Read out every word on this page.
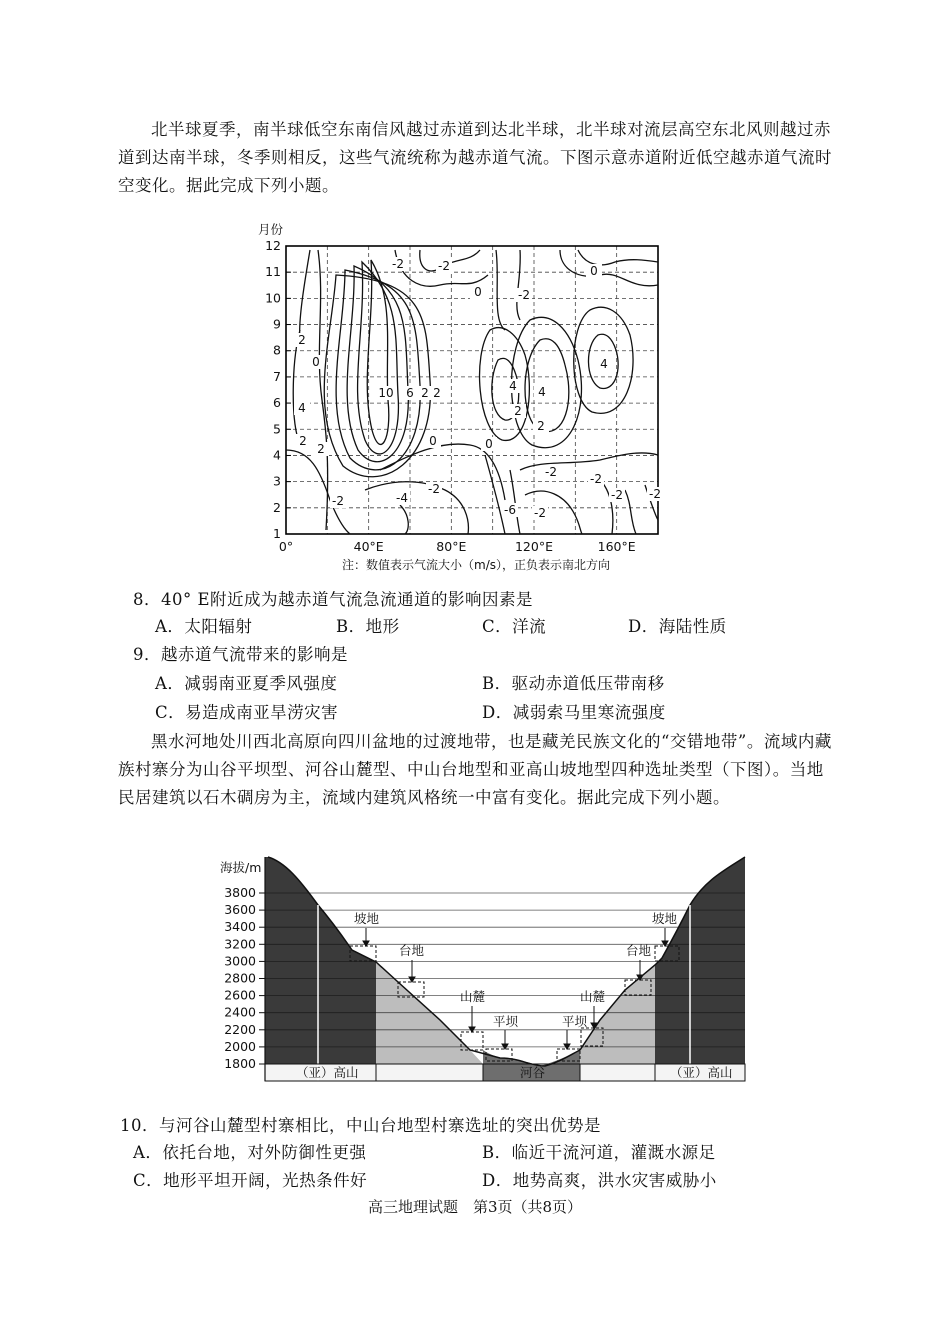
北半球夏季，南半球低空东南信风越过赤道到达北半球，北半球对流层高空东北风则越过赤道到达南半球，冬季则相反，这些气流统称为越赤道气流。下图示意赤道附近低空越赤道气流时空变化。据此完成下列小题。
月份
1
2
3
4
5
6
7
8
9
10
11
12
0°	40°E	80°E	120°E	160°E
-2	-2
0	-2
0
2
0	4
10 6 2 2	4 4
2
2
4
2	0	0
-2
-2	-2
-4	-2 -2
-2
2
-6 -2
注：数值表示气流大小（m/s），正负表示南北方向
8．40° E附近成为越赤道气流急流通道的影响因素是
A．太阳辐射	B．地形	C．洋流	D．海陆性质
9．越赤道气流带来的影响是
A．减弱南亚夏季风强度	B．驱动赤道低压带南移
C．易造成南亚旱涝灾害	D．减弱索马里寒流强度
黑水河地处川西北高原向四川盆地的过渡地带，也是藏羌民族文化的“交错地带”。流域内藏族村寨分为山谷平坝型、河谷山麓型、中山台地型和亚高山坡地型四种选址类型（下图）。当地民居建筑以石木碉房为主，流域内建筑风格统一中富有变化。据此完成下列小题。
海拔/m
3800
3600
3400
3200
3000
2800
2600
2400
2200
2000
1800
坡地
台地
山麓
平坝
山麓
平坝
台地
坡地
（亚）高山	河谷	（亚）高山
10．与河谷山麓型村寨相比，中山台地型村寨选址的突出优势是
A．依托台地，对外防御性更强	B．临近干流河道，灌溉水源足
C．地形平坦开阔，光热条件好	D．地势高爽，洪水灾害威胁小
高三地理试题　第3页（共8页）
